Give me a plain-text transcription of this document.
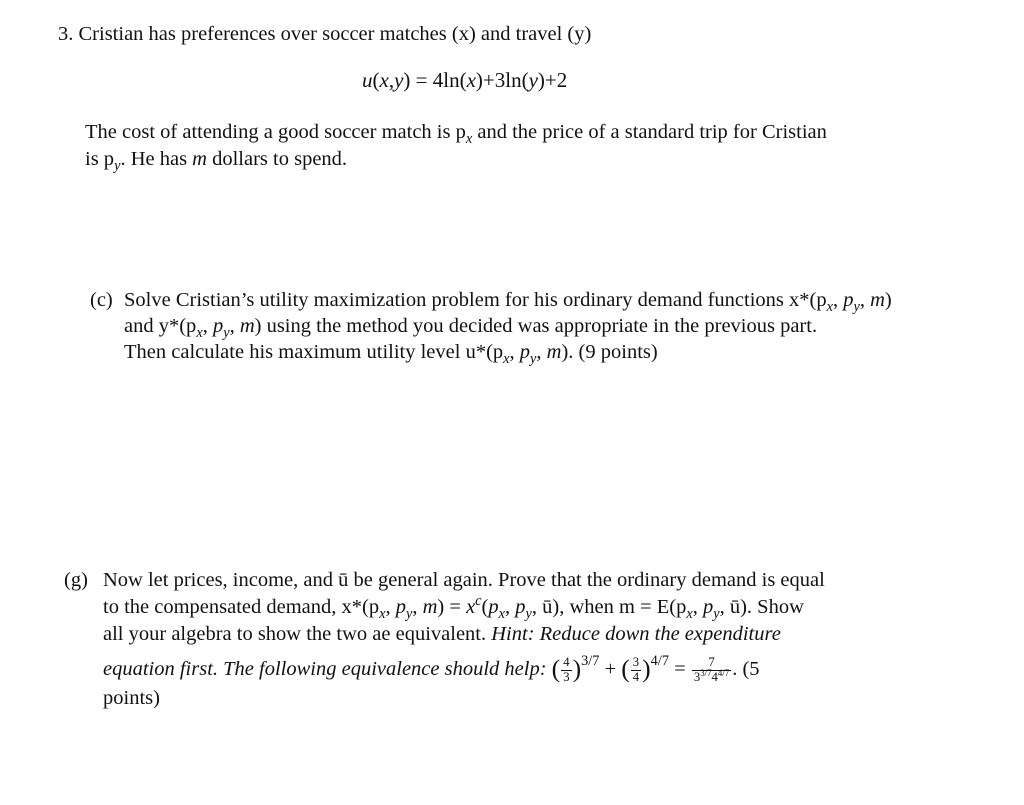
3. Cristian has preferences over soccer matches (x) and travel (y)
u(x,y) = 4ln(x)+3ln(y)+2
The cost of attending a good soccer match is $p_x$ and the price of a standard trip for Cristian
is $p_y$. He has m dollars to spend.
(c) Solve Cristian’s utility maximization problem for his ordinary demand functions $x*(p_x$, $p_y$, m)
and $y*(p_x$, $p_y$, m) using the method you decided was appropriate in the previous part.
Then calculate his maximum utility level $u*(p_x$, $p_y$, m). (9 points)
(g) Now let prices, income, and ū be general again. Prove that the ordinary demand is equal
to the compensated demand, $x*(p_x$, $p_y$, $m) = x^c(p_x$, $p_y$, ū), when $m = E(p_x$, $p_y$, ū). Show
all your algebra to show the two ae equivalent. Hint: Reduce down the expenditure
equation first. The following equivalence should help: ( $\frac{4}{3} )^{3/7}$ + ( $\frac{3}{4} )^{4/7} = \frac{7}{3^{3/7}4^{4/7}}$ . (5
points)
